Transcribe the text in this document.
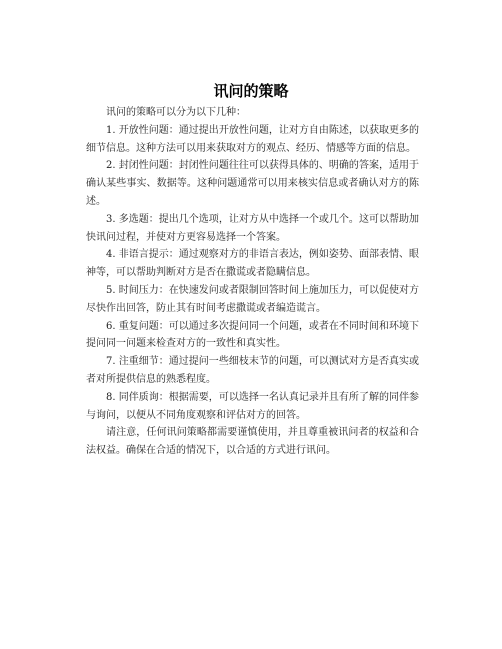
讯问的策略

讯问的策略可以分为以下几种：

1. 开放性问题：通过提出开放性问题，让对方自由陈述，以获取更多的细节信息。这种方法可以用来获取对方的观点、经历、情感等方面的信息。

2. 封闭性问题：封闭性问题往往可以获得具体的、明确的答案，适用于确认某些事实、数据等。这种问题通常可以用来核实信息或者确认对方的陈述。

3. 多选题：提出几个选项，让对方从中选择一个或几个。这可以帮助加快讯问过程，并使对方更容易选择一个答案。

4. 非语言提示：通过观察对方的非语言表达，例如姿势、面部表情、眼神等，可以帮助判断对方是否在撒谎或者隐瞒信息。

5. 时间压力：在快速发问或者限制回答时间上施加压力，可以促使对方尽快作出回答，防止其有时间考虑撒谎或者编造谎言。

6. 重复问题：可以通过多次提问同一个问题，或者在不同时间和环境下提问同一问题来检查对方的一致性和真实性。

7. 注重细节：通过提问一些细枝末节的问题，可以测试对方是否真实或者对所提供信息的熟悉程度。

8. 同伴质询：根据需要，可以选择一名认真记录并且有所了解的同伴参与询问，以便从不同角度观察和评估对方的回答。

请注意，任何讯问策略都需要谨慎使用，并且尊重被讯问者的权益和合法权益。确保在合适的情况下，以合适的方式进行讯问。
